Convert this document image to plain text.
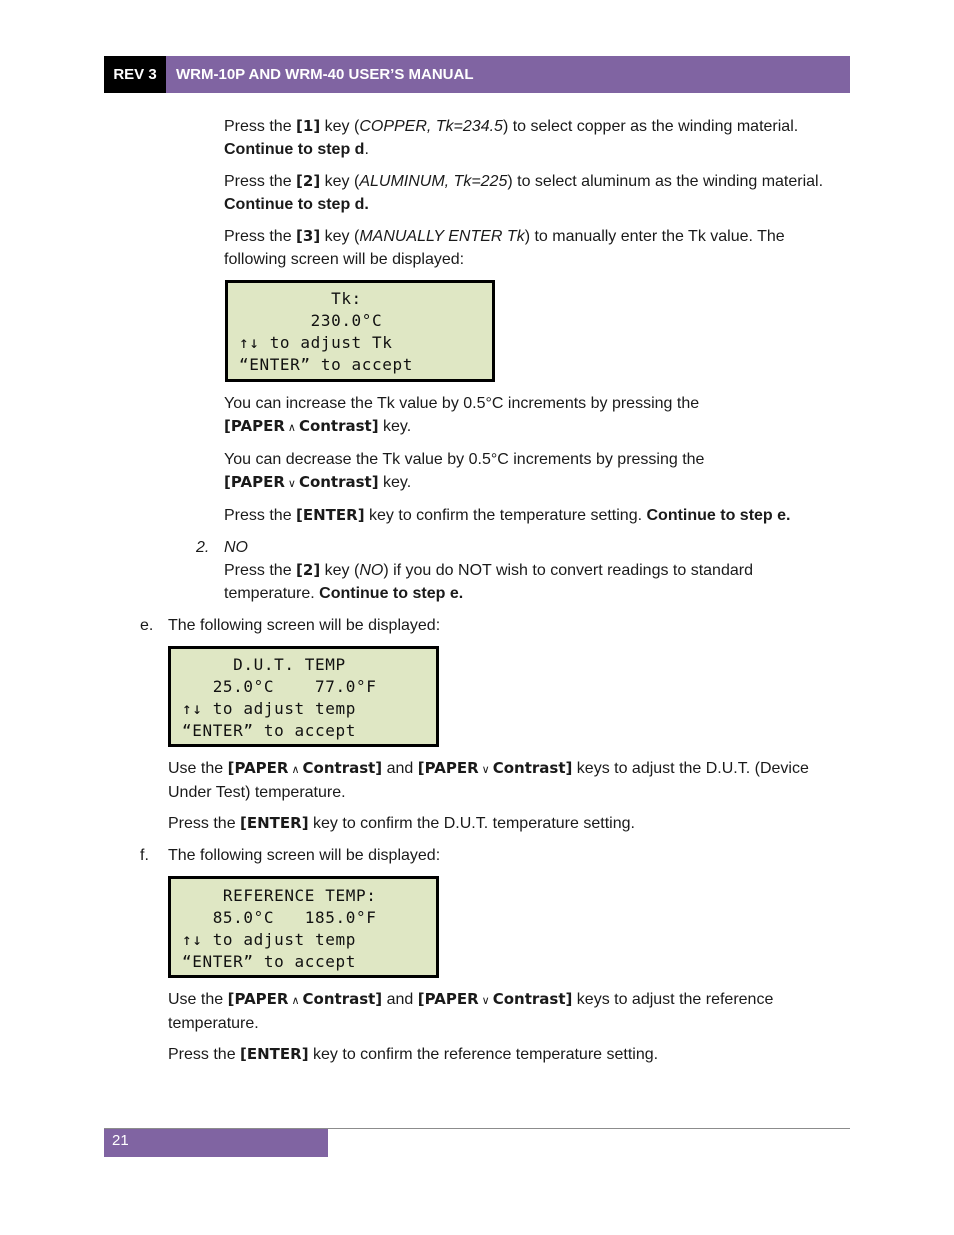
REV 3	WRM-10P AND WRM-40 USER’S MANUAL

Press the [1] key (COPPER, Tk=234.5) to select copper as the winding material. Continue to step d.

Press the [2] key (ALUMINUM, Tk=225) to select aluminum as the winding material. Continue to step d.

Press the [3] key (MANUALLY ENTER Tk) to manually enter the Tk value. The following screen will be displayed:

Tk:
230.0°C
↑↓ to adjust Tk
“ENTER” to accept

You can increase the Tk value by 0.5°C increments by pressing the [PAPER ∧ Contrast] key.

You can decrease the Tk value by 0.5°C increments by pressing the [PAPER ∨ Contrast] key.

Press the [ENTER] key to confirm the temperature setting. Continue to step e.

2. NO

Press the [2] key (NO) if you do NOT wish to convert readings to standard temperature. Continue to step e.

e. The following screen will be displayed:
D.U.T. TEMP
25.0°C    77.0°F
↑↓ to adjust temp
“ENTER” to accept

Use the [PAPER ∧ Contrast] and [PAPER ∨ Contrast] keys to adjust the D.U.T. (Device Under Test) temperature.

Press the [ENTER] key to confirm the D.U.T. temperature setting.

f. The following screen will be displayed:
REFERENCE TEMP:
85.0°C   185.0°F
↑↓ to adjust temp
“ENTER” to accept

Use the [PAPER ∧ Contrast] and [PAPER ∨ Contrast] keys to adjust the reference temperature.

Press the [ENTER] key to confirm the reference temperature setting.

21
